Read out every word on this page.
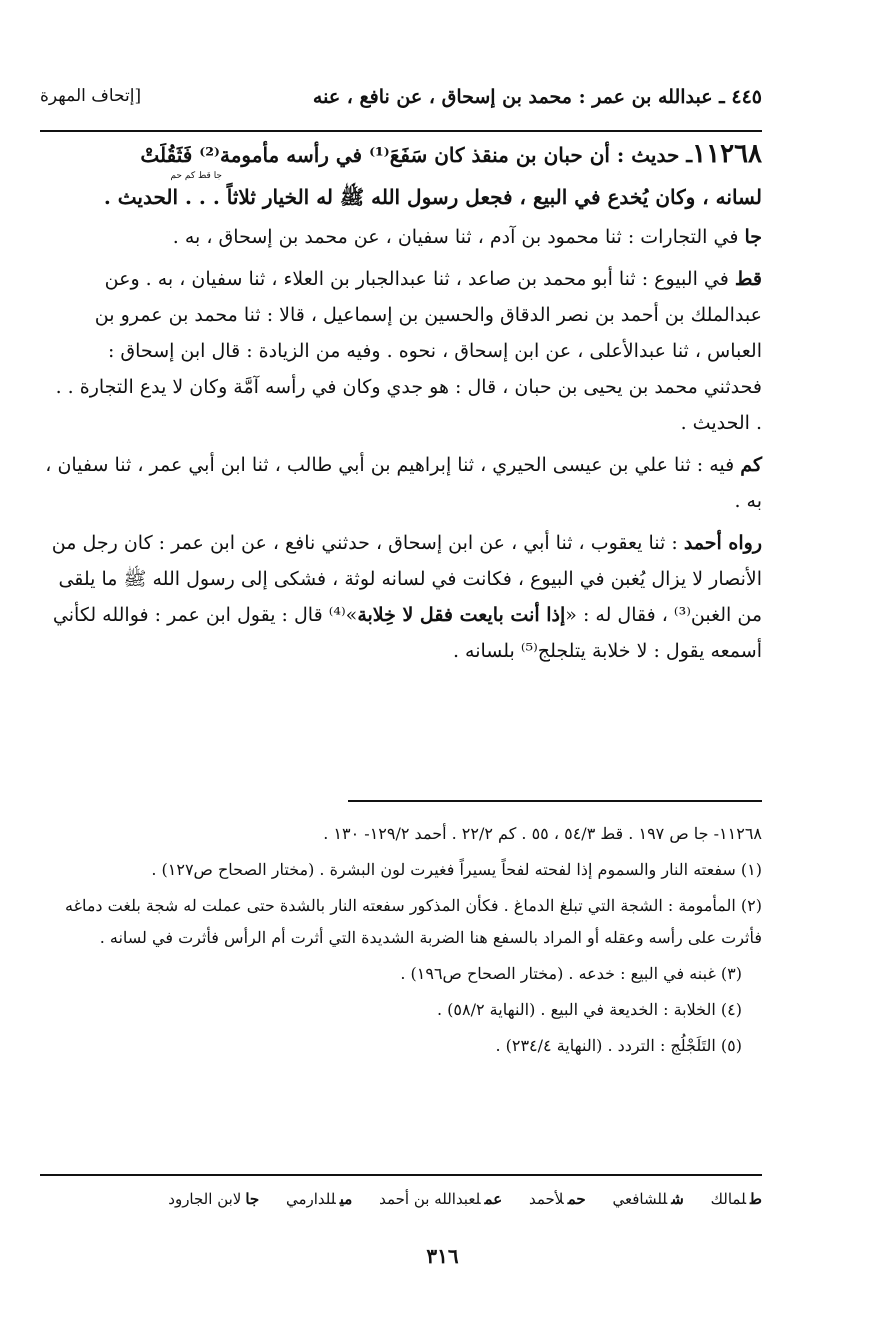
٤٤٥ ـ عبدالله بن عمر : محمد بن إسحاق ، عن نافع ، عنه
[إتحاف المهرة
١١٢٦٨ـ حديث : أن حبان بن منقذ كان سَفَعَ⁽¹⁾ في رأسه مأمومة⁽²⁾ فَثَقُلَتْ
جا قط كم حم

لسانه ، وكان يُخدع في البيع ، فجعل رسول الله ﷺ له الخيار ثلاثاً . . . الحديث .

جا في التجارات : ثنا محمود بن آدم ، ثنا سفيان ، عن محمد بن إسحاق ، به .

قط في البيوع : ثنا أبو محمد بن صاعد ، ثنا عبدالجبار بن العلاء ، ثنا سفيان ، به . وعن عبدالملك بن أحمد بن نصر الدقاق والحسين بن إسماعيل ، قالا : ثنا محمد بن عمرو بن العباس ، ثنا عبدالأعلى ، عن ابن إسحاق ، نحوه . وفيه من الزيادة : قال ابن إسحاق : فحدثني محمد بن يحيى بن حبان ، قال : هو جدي وكان في رأسه آمَّة وكان لا يدع التجارة . . . الحديث .

كم فيه : ثنا علي بن عيسى الحيري ، ثنا إبراهيم بن أبي طالب ، ثنا ابن أبي عمر ، ثنا سفيان ، به .

رواه أحمد : ثنا يعقوب ، ثنا أبي ، عن ابن إسحاق ، حدثني نافع ، عن ابن عمر : كان رجل من الأنصار لا يزال يُغبن في البيوع ، فكانت في لسانه لوثة ، فشكى إلى رسول الله ﷺ ما يلقى من الغبن⁽³⁾ ، فقال له : «إذا أنت بايعت فقل لا خِلابة»⁽⁴⁾ قال : يقول ابن عمر : فوالله لكأني أسمعه يقول : لا خلابة يتلجلج⁽⁵⁾ بلسانه .

١١٢٦٨- جا ص ١٩٧ . قط ٥٤/٣ ، ٥٥ . كم ٢٢/٢ . أحمد ١٢٩/٢- ١٣٠ .

(١) سفعته النار والسموم إذا لفحته لفحاً يسيراً فغيرت لون البشرة . (مختار الصحاح ص١٢٧) .

(٢) المأمومة : الشجة التي تبلغ الدماغ . فكأن المذكور سفعته النار بالشدة حتى عملت له شجة بلغت دماغه فأثرت على رأسه وعقله أو المراد بالسفع هنا الضربة الشديدة التي أثرت أم الرأس فأثرت في لسانه .

(٣) غبنه في البيع : خدعه . (مختار الصحاح ص١٩٦) .

(٤) الخلابة : الخديعة في البيع . (النهاية ٥٨/٢) .

(٥) التَلَجْلُج : التردد . (النهاية ٢٣٤/٤) .

طلمالك شللشافعي حملأحمد عملعبدالله بن أحمد ميللدارمي جالابن الجارود
٣١٦
